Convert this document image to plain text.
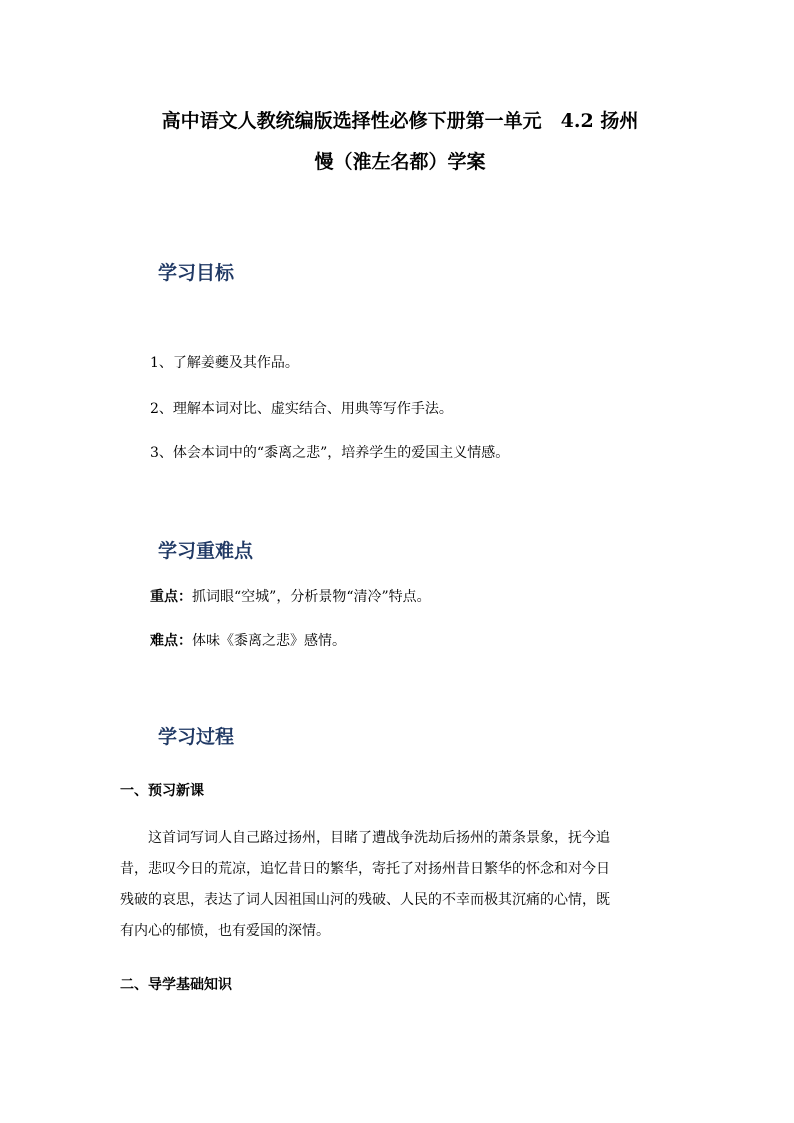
高中语文人教统编版选择性必修下册第一单元　4.2 扬州
慢（淮左名都）学案
学习目标
1、了解姜夔及其作品。
2、理解本词对比、虚实结合、用典等写作手法。
3、体会本词中的“黍离之悲”，培养学生的爱国主义情感。
学习重难点
重点：抓词眼“空城”，分析景物“清冷”特点。
难点：体味《黍离之悲》感情。
学习过程
一、预习新课
　　这首词写词人自己路过扬州，目睹了遭战争洗劫后扬州的萧条景象，抚今追
昔，悲叹今日的荒凉，追忆昔日的繁华，寄托了对扬州昔日繁华的怀念和对今日
残破的哀思，表达了词人因祖国山河的残破、人民的不幸而极其沉痛的心情，既
有内心的郁愤，也有爱国的深情。
二、导学基础知识
